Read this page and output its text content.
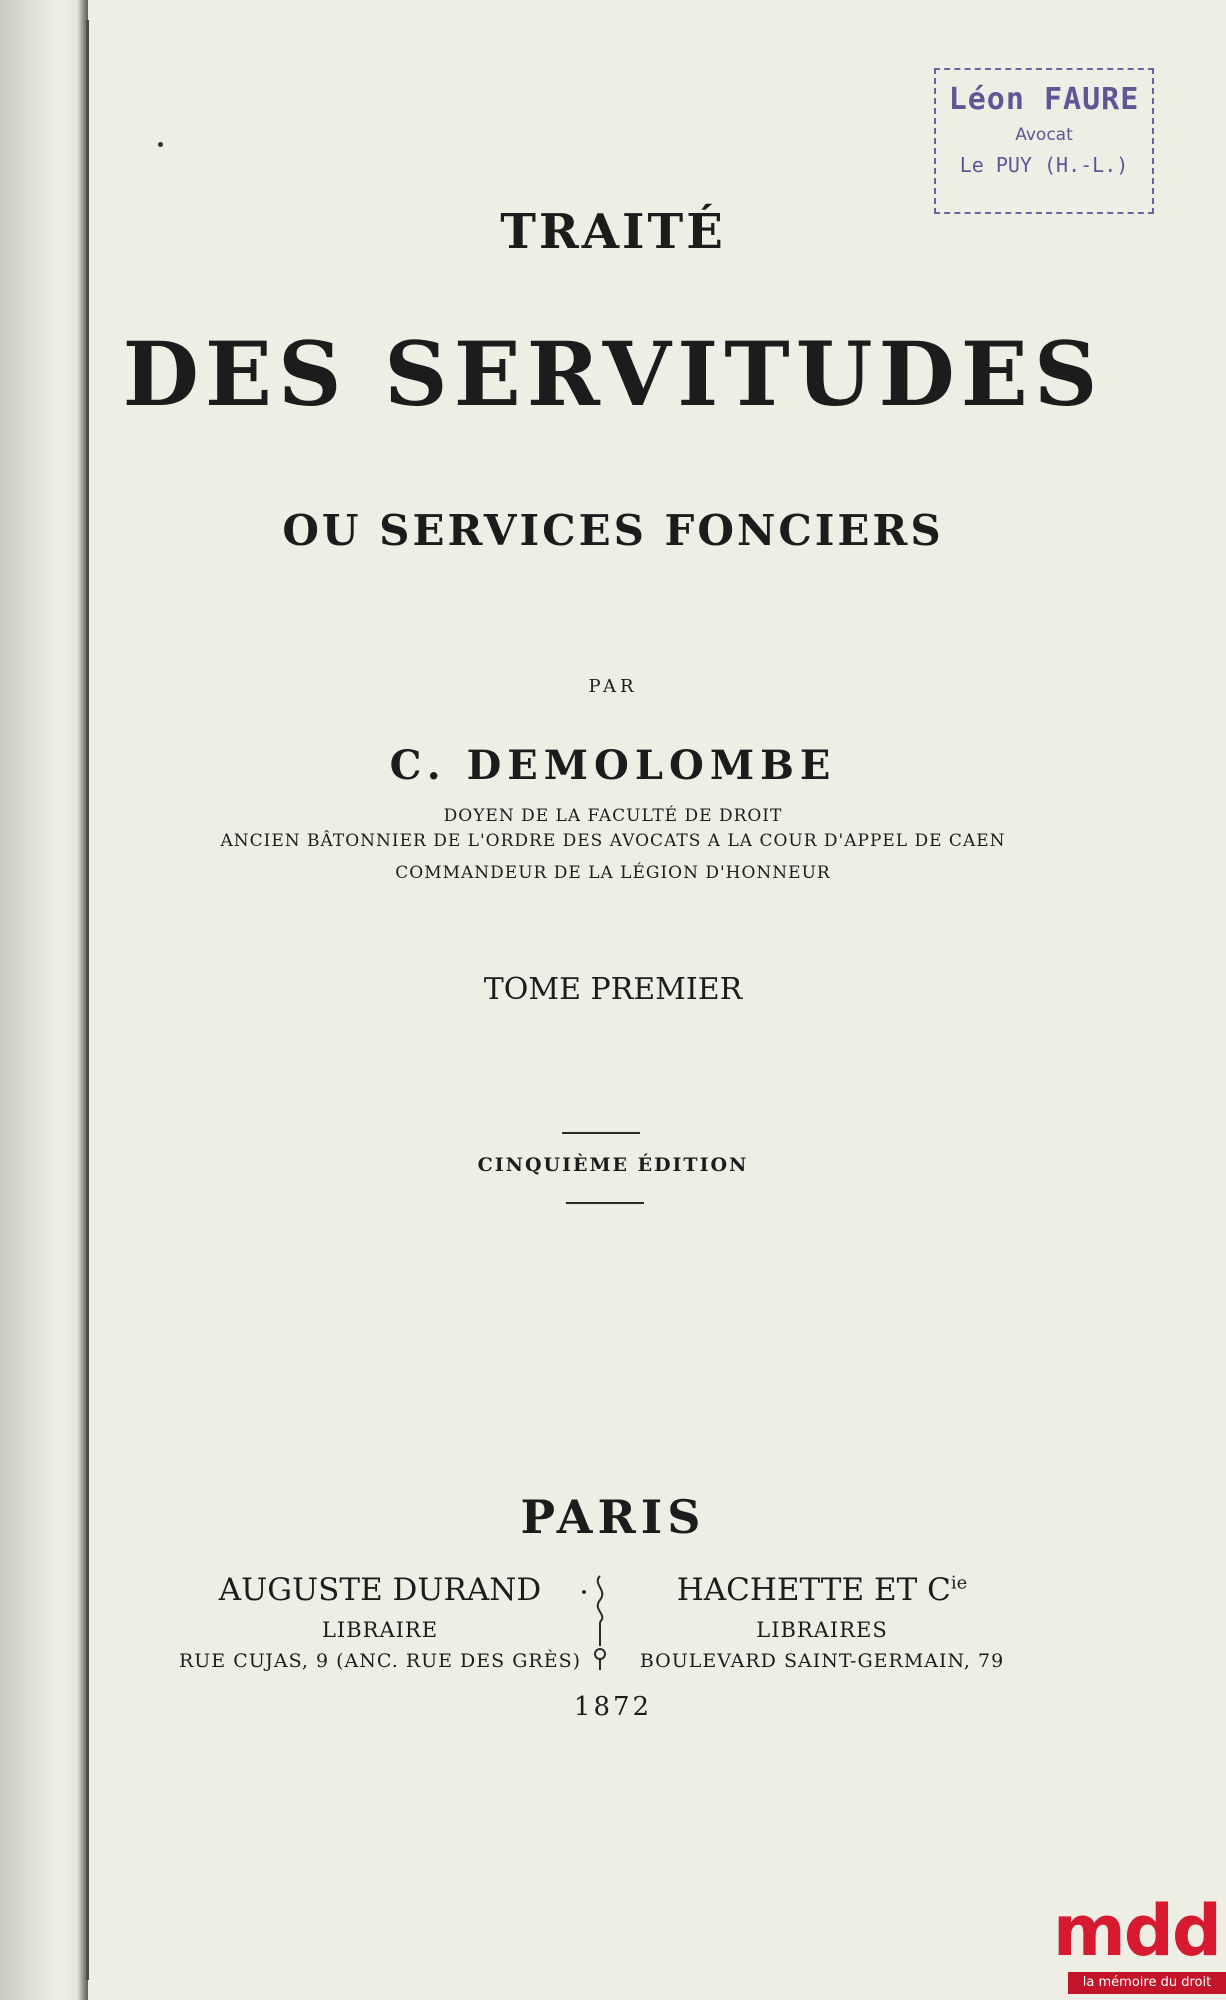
Léon FAURE
Avocat
Le PUY (H.-L.)
TRAITÉ
DES SERVITUDES
OU SERVICES FONCIERS
PAR
C. DEMOLOMBE
DOYEN DE LA FACULTÉ DE DROIT
ANCIEN BÂTONNIER DE L'ORDRE DES AVOCATS A LA COUR D'APPEL DE CAEN
COMMANDEUR DE LA LÉGION D'HONNEUR
TOME PREMIER
CINQUIÈME ÉDITION
PARIS
AUGUSTE DURAND
LIBRAIRE
RUE CUJAS, 9 (ANC. RUE DES GRÈS)
HACHETTE ET $C^{ie}$
LIBRAIRES
BOULEVARD SAINT-GERMAIN, 79
1872
mdd
la mémoire du droit
